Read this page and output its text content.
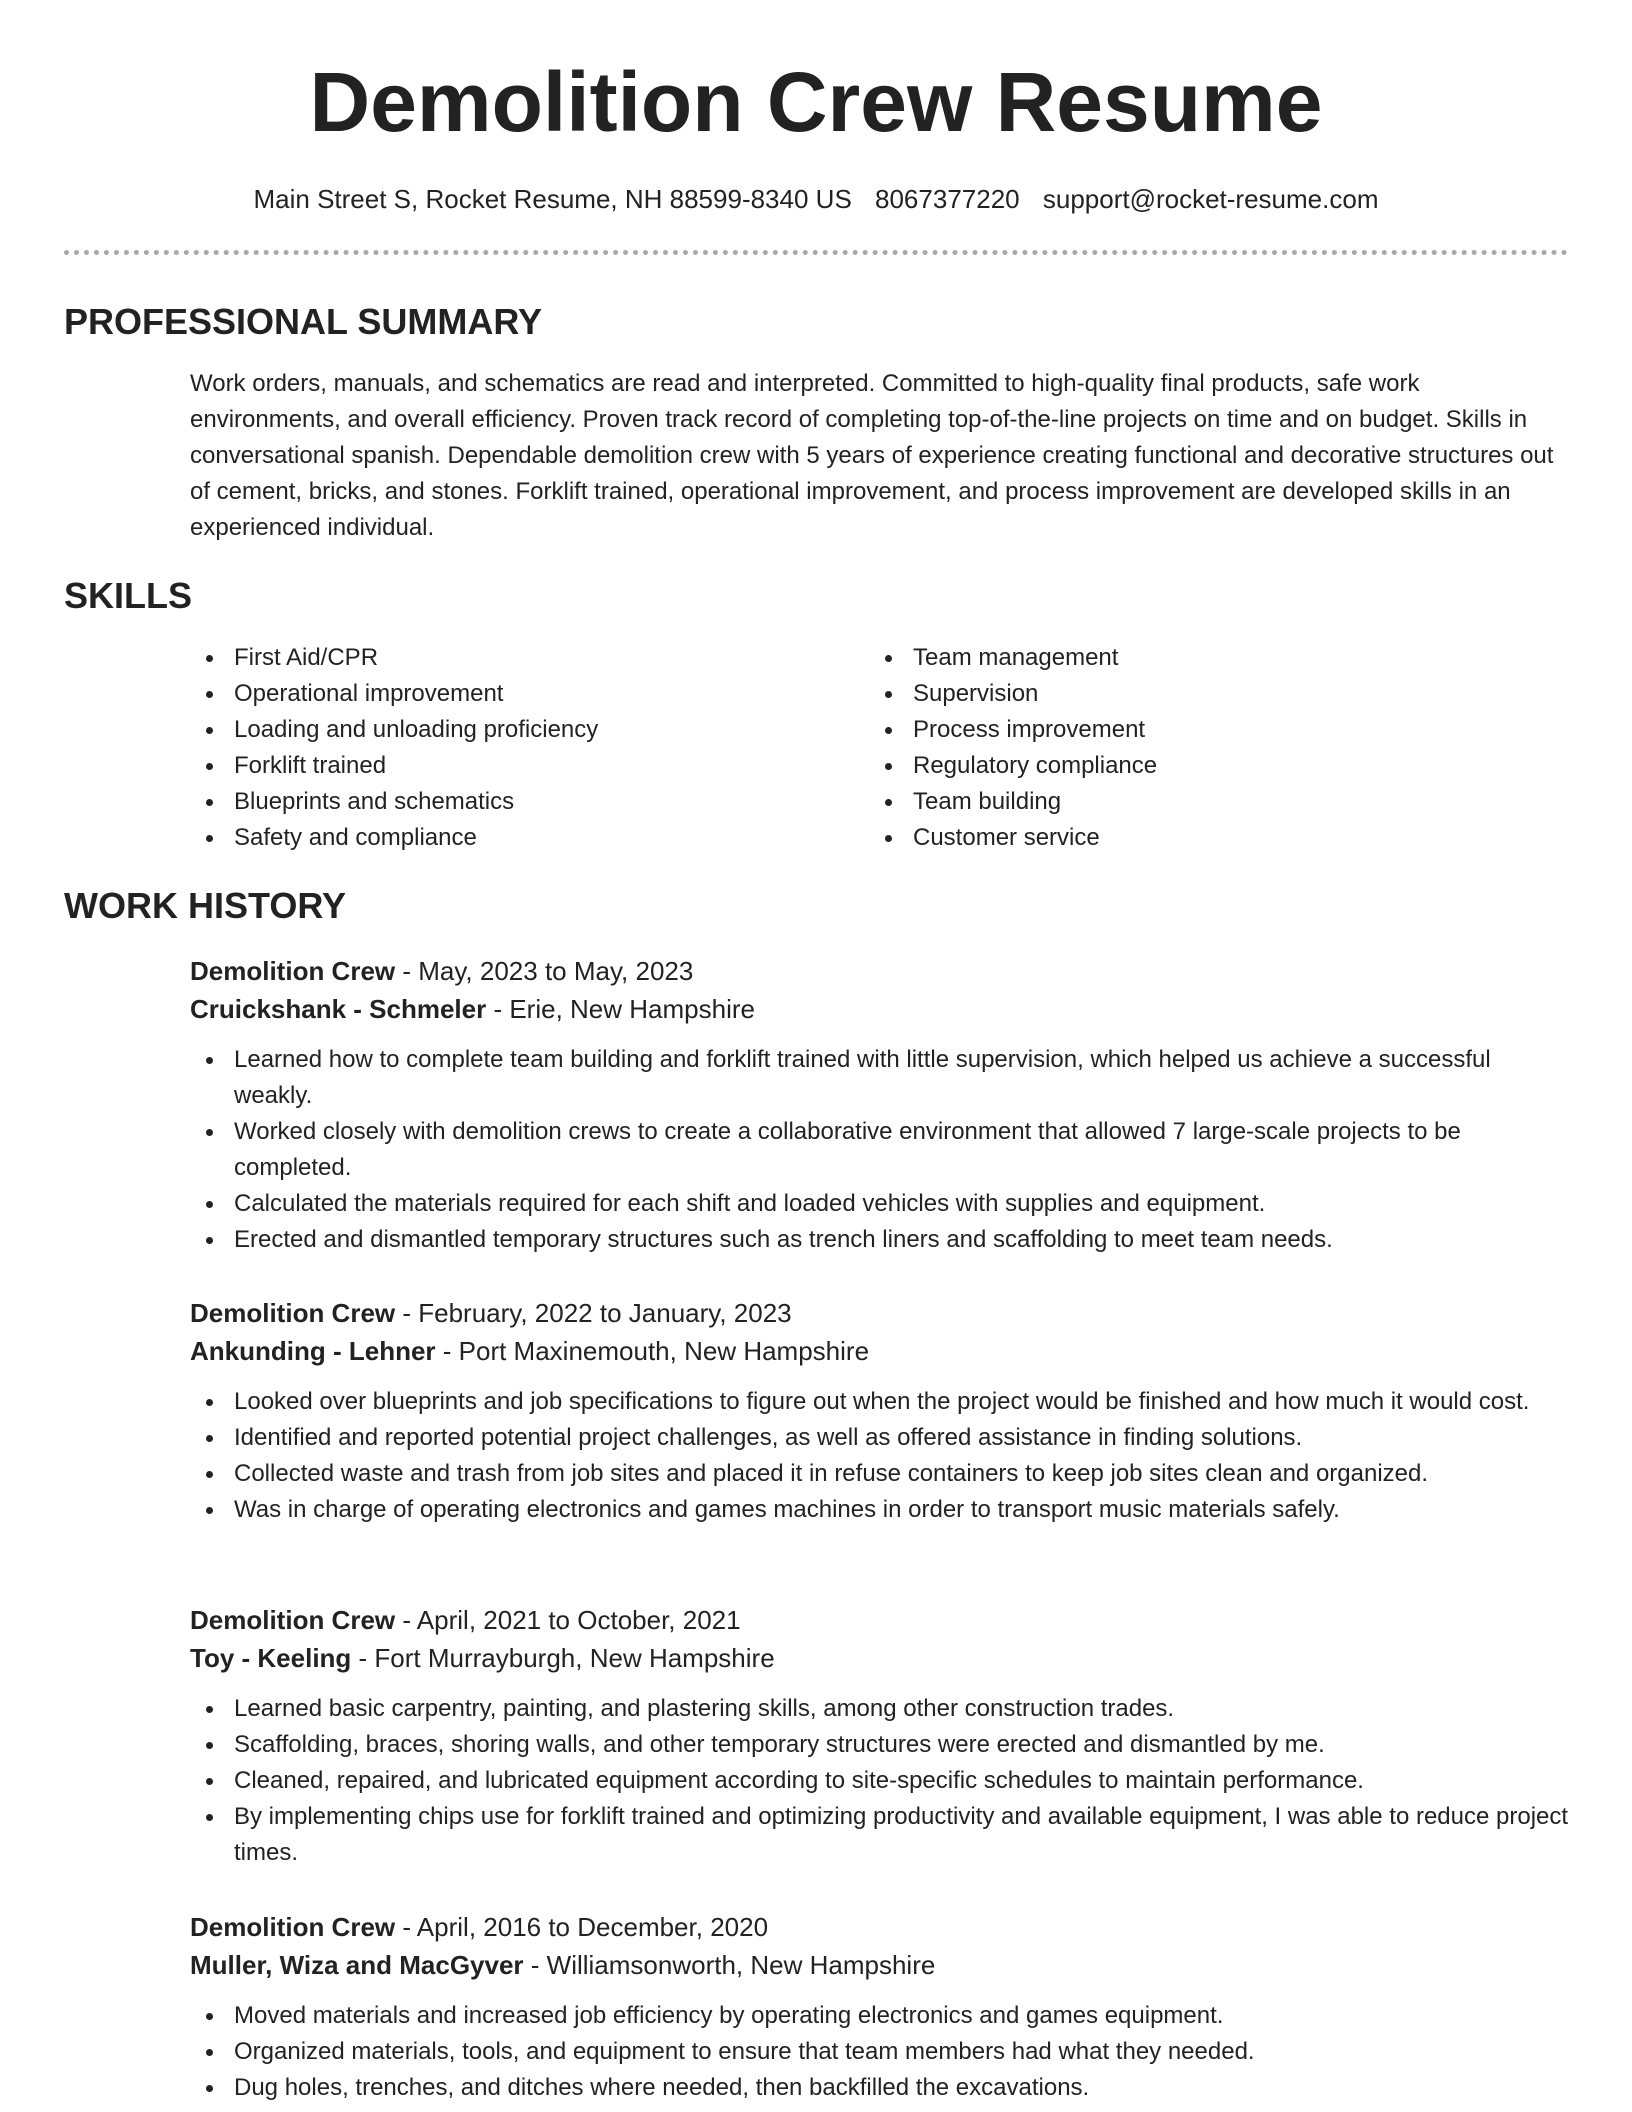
Demolition Crew Resume
Main Street S, Rocket Resume, NH 88599-8340 US 8067377220 support@rocket-resume.com
PROFESSIONAL SUMMARY

Work orders, manuals, and schematics are read and interpreted. Committed to high-quality final products, safe work environments, and overall efficiency. Proven track record of completing top-of-the-line projects on time and on budget. Skills in conversational spanish. Dependable demolition crew with 5 years of experience creating functional and decorative structures out of cement, bricks, and stones. Forklift trained, operational improvement, and process improvement are developed skills in an experienced individual.

SKILLS
First Aid/CPR
Operational improvement
Loading and unloading proficiency
Forklift trained
Blueprints and schematics
Safety and compliance
Team management
Supervision
Process improvement
Regulatory compliance
Team building
Customer service
WORK HISTORY

Demolition Crew - May, 2023 to May, 2023

Cruickshank - Schmeler - Erie, New Hampshire

Learned how to complete team building and forklift trained with little supervision, which helped us achieve a successful weakly.
Worked closely with demolition crews to create a collaborative environment that allowed 7 large-scale projects to be completed.
Calculated the materials required for each shift and loaded vehicles with supplies and equipment.
Erected and dismantled temporary structures such as trench liners and scaffolding to meet team needs.

Demolition Crew - February, 2022 to January, 2023

Ankunding - Lehner - Port Maxinemouth, New Hampshire

Looked over blueprints and job specifications to figure out when the project would be finished and how much it would cost.
Identified and reported potential project challenges, as well as offered assistance in finding solutions.
Collected waste and trash from job sites and placed it in refuse containers to keep job sites clean and organized.
Was in charge of operating electronics and games machines in order to transport music materials safely.

Demolition Crew - April, 2021 to October, 2021

Toy - Keeling - Fort Murrayburgh, New Hampshire

Learned basic carpentry, painting, and plastering skills, among other construction trades.
Scaffolding, braces, shoring walls, and other temporary structures were erected and dismantled by me.
Cleaned, repaired, and lubricated equipment according to site-specific schedules to maintain performance.
By implementing chips use for forklift trained and optimizing productivity and available equipment, I was able to reduce project times.

Demolition Crew - April, 2016 to December, 2020

Muller, Wiza and MacGyver - Williamsonworth, New Hampshire

Moved materials and increased job efficiency by operating electronics and games equipment.
Organized materials, tools, and equipment to ensure that team members had what they needed.
Dug holes, trenches, and ditches where needed, then backfilled the excavations.
